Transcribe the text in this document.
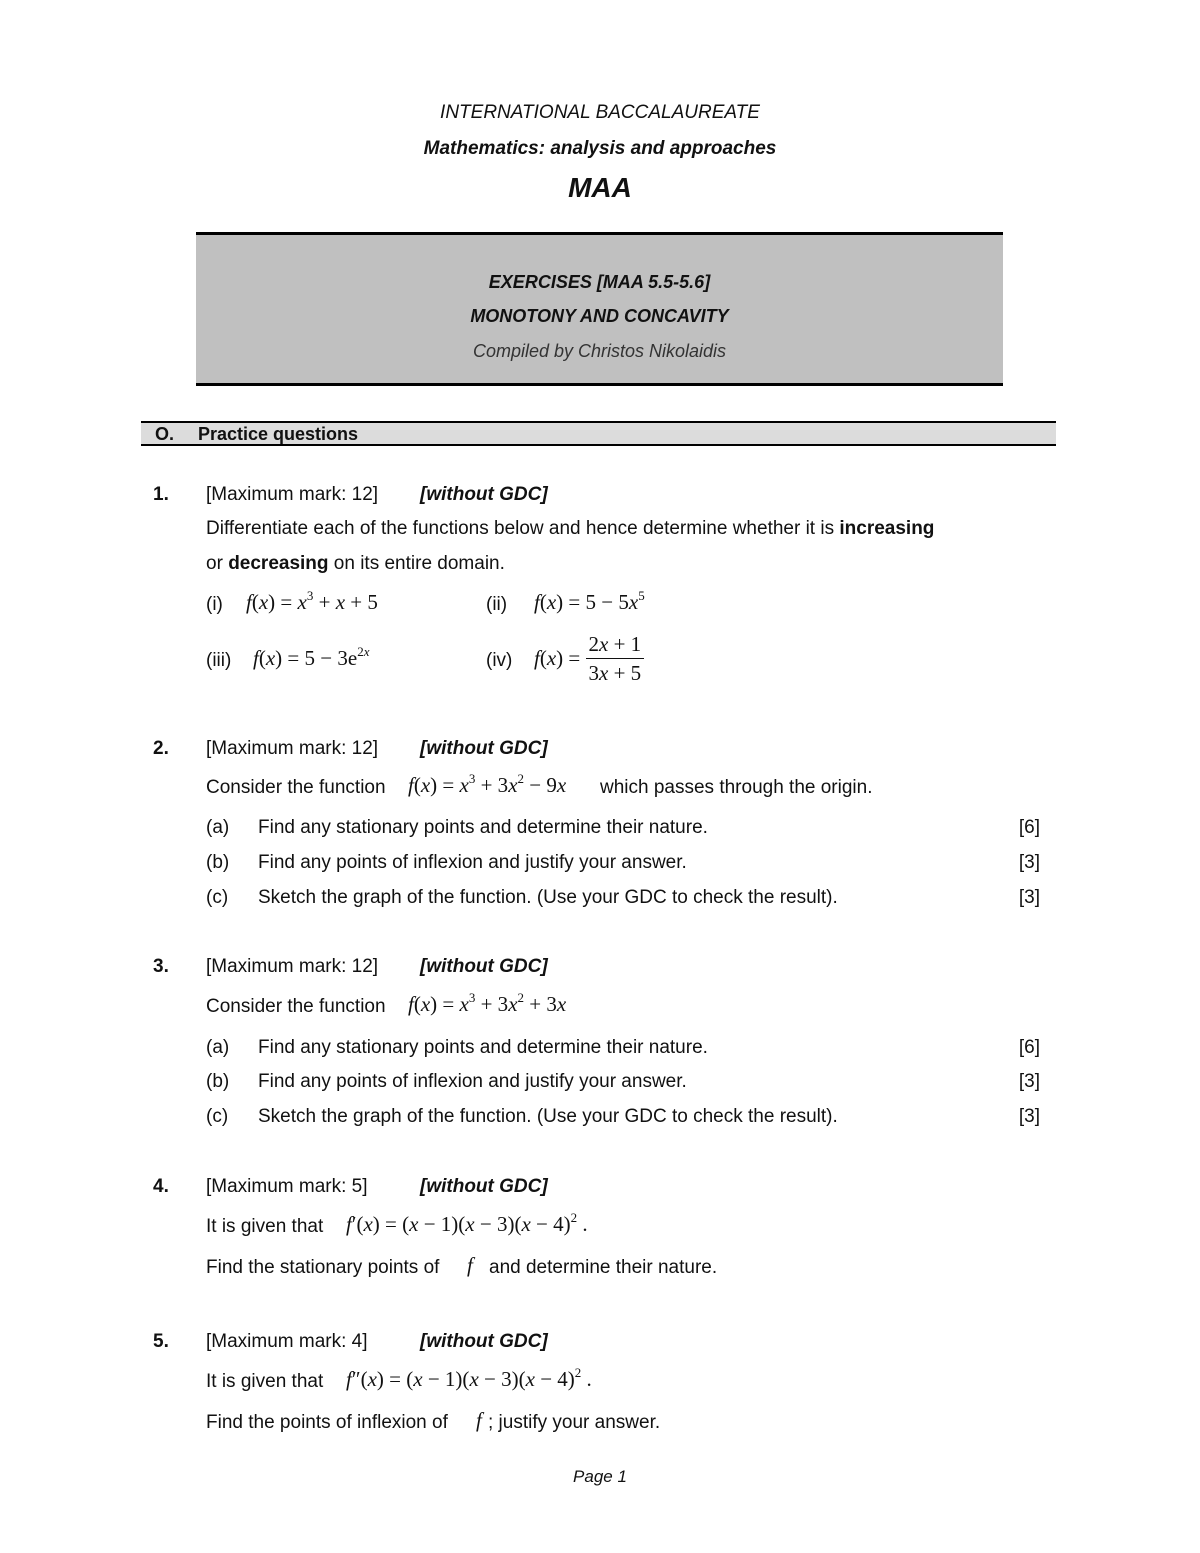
INTERNATIONAL BACCALAUREATE
Mathematics: analysis and approaches
MAA
EXERCISES [MAA 5.5-5.6]
MONOTONY AND CONCAVITY
Compiled by Christos Nikolaidis
O. Practice questions
1. [Maximum mark: 12] [without GDC]
Differentiate each of the functions below and hence determine whether it is increasing
or decreasing on its entire domain.
(i) $f(x) = x^3 + x + 5$	(ii) $f(x) = 5 - 5x^5$
(iii) $f(x) = 5 - 3e^{2x}$	(iv) $f(x) = \frac{2x + 1}{3x + 5}$
2. [Maximum mark: 12] [without GDC]
Consider the function $f(x) = x^3 + 3x^2 - 9x$ which passes through the origin.
(a) Find any stationary points and determine their nature.	[6]
(b) Find any points of inflexion and justify your answer.	[3]
(c) Sketch the graph of the function. (Use your GDC to check the result).	[3]
3. [Maximum mark: 12] [without GDC]
Consider the function $f(x) = x^3 + 3x^2 + 3x$
(a) Find any stationary points and determine their nature.	[6]
(b) Find any points of inflexion and justify your answer.	[3]
(c) Sketch the graph of the function. (Use your GDC to check the result).	[3]
4. [Maximum mark: 5]	[without GDC]
It is given that $f'(x) = (x - 1)(x - 3)(x - 4)^2$ .
Find the stationary points of f and determine their nature.
5. [Maximum mark: 4]	[without GDC]
It is given that $f''(x) = (x - 1)(x - 3)(x - 4)^2$ .
Find the points of inflexion of f ; justify your answer.
Page 1
